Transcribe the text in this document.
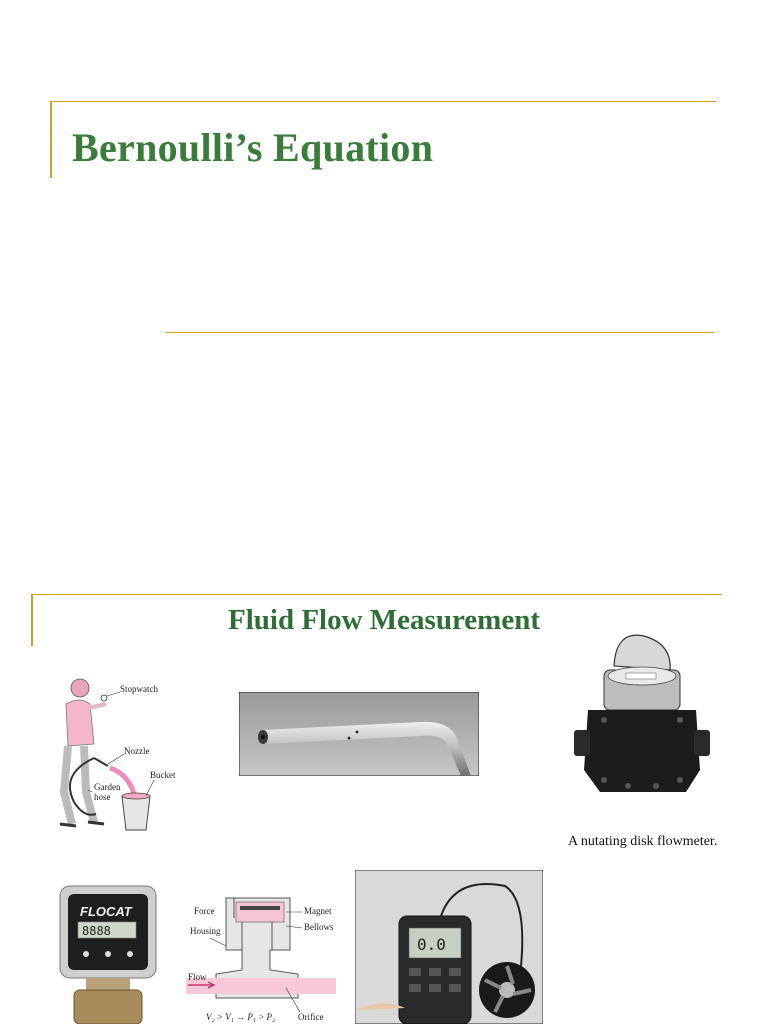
Bernoulli’s Equation
Fluid Flow Measurement
Stopwatch
Nozzle
Bucket
Garden
hose

A nutating disk flowmeter.

FLOCAT
8888
Force	Magnet
Housing	Bellows
Flow
Orifice
V₂ > V₁ → P₁ > P₂
0.0
